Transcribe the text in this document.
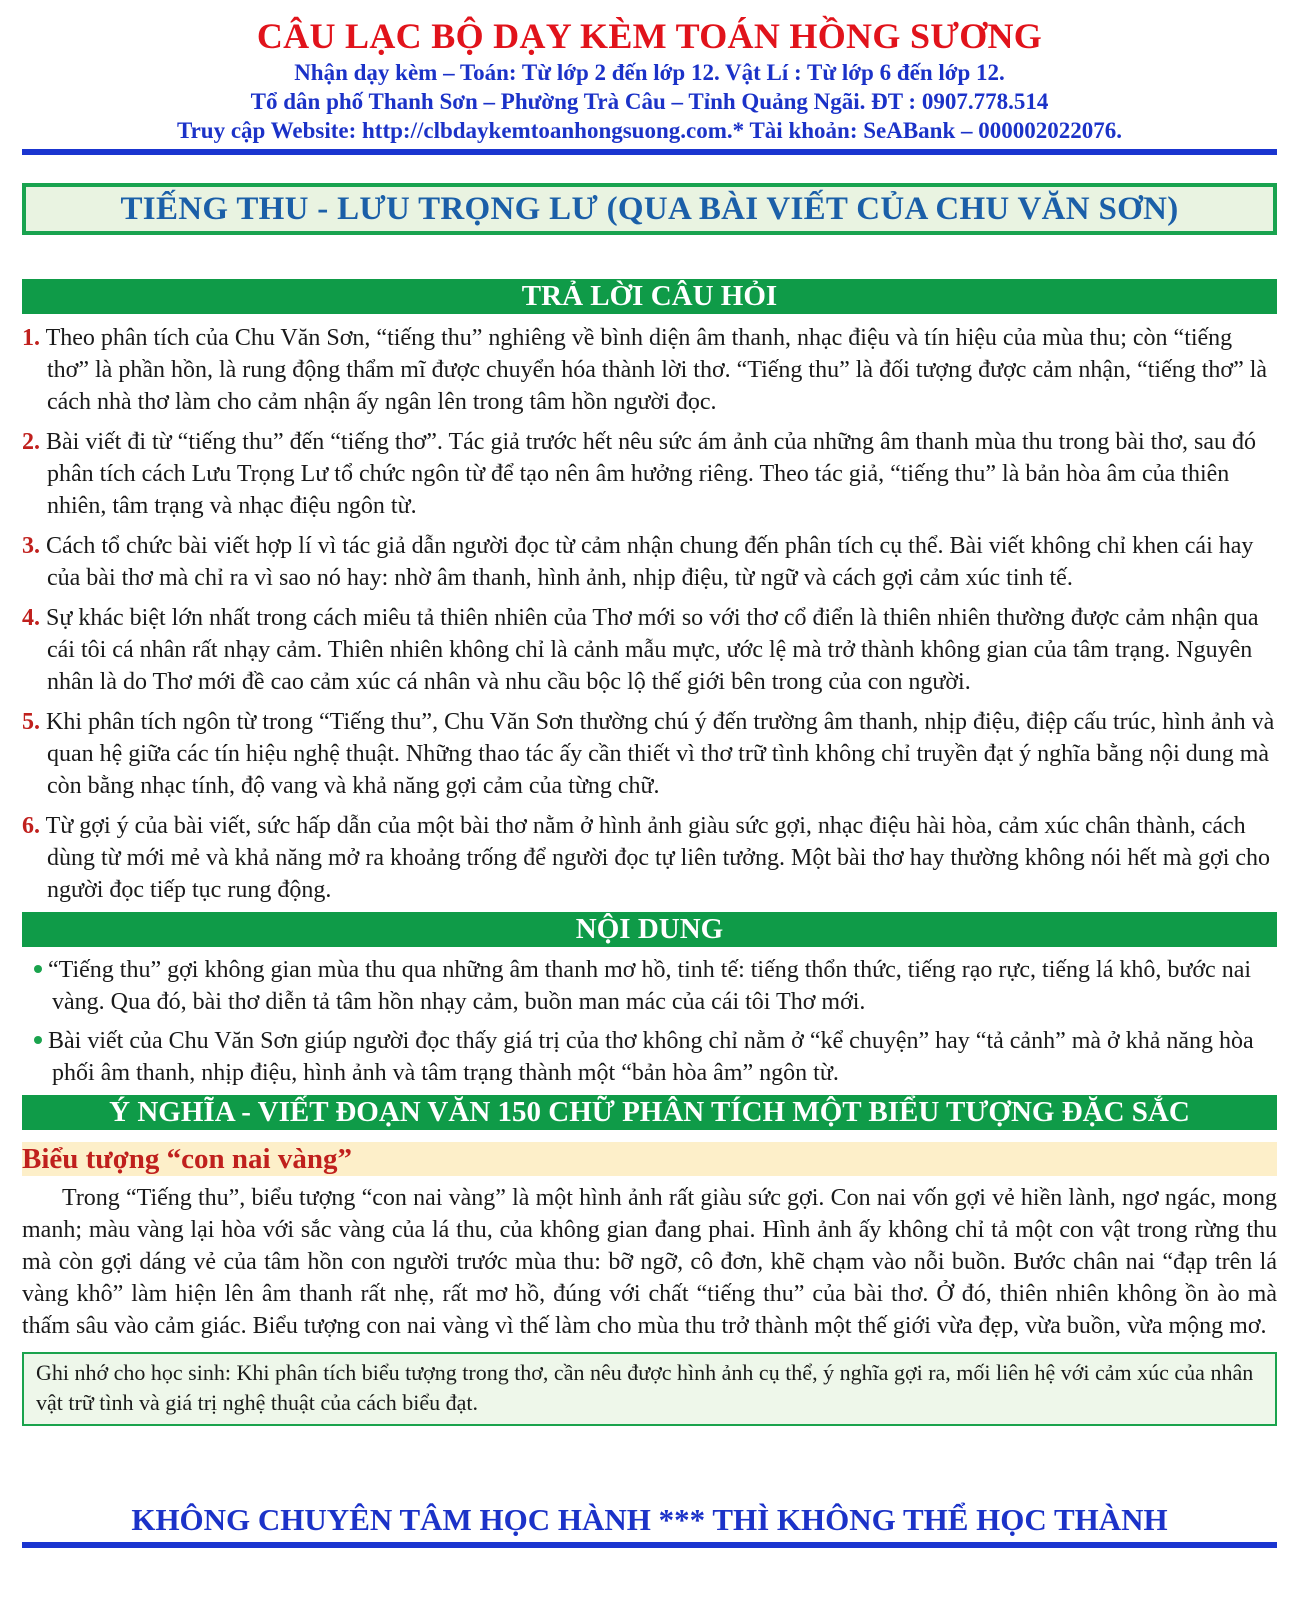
CÂU LẠC BỘ DẠY KÈM TOÁN HỒNG SƯƠNG
Nhận dạy kèm – Toán: Từ lớp 2 đến lớp 12. Vật Lí : Từ lớp 6 đến lớp 12.
Tổ dân phố Thanh Sơn – Phường Trà Câu – Tỉnh Quảng Ngãi. ĐT : 0907.778.514
Truy cập Website: http://clbdaykemtoanhongsuong.com.* Tài khoản: SeABank – 000002022076.
TIẾNG THU - LƯU TRỌNG LƯ (QUA BÀI VIẾT CỦA CHU VĂN SƠN)
TRẢ LỜI CÂU HỎI
1. Theo phân tích của Chu Văn Sơn, “tiếng thu” nghiêng về bình diện âm thanh, nhạc điệu và tín hiệu của mùa thu; còn “tiếng thơ” là phần hồn, là rung động thẩm mĩ được chuyển hóa thành lời thơ. “Tiếng thu” là đối tượng được cảm nhận, “tiếng thơ” là cách nhà thơ làm cho cảm nhận ấy ngân lên trong tâm hồn người đọc.
2. Bài viết đi từ “tiếng thu” đến “tiếng thơ”. Tác giả trước hết nêu sức ám ảnh của những âm thanh mùa thu trong bài thơ, sau đó phân tích cách Lưu Trọng Lư tổ chức ngôn từ để tạo nên âm hưởng riêng. Theo tác giả, “tiếng thu” là bản hòa âm của thiên nhiên, tâm trạng và nhạc điệu ngôn từ.
3. Cách tổ chức bài viết hợp lí vì tác giả dẫn người đọc từ cảm nhận chung đến phân tích cụ thể. Bài viết không chỉ khen cái hay của bài thơ mà chỉ ra vì sao nó hay: nhờ âm thanh, hình ảnh, nhịp điệu, từ ngữ và cách gợi cảm xúc tinh tế.
4. Sự khác biệt lớn nhất trong cách miêu tả thiên nhiên của Thơ mới so với thơ cổ điển là thiên nhiên thường được cảm nhận qua cái tôi cá nhân rất nhạy cảm. Thiên nhiên không chỉ là cảnh mẫu mực, ước lệ mà trở thành không gian của tâm trạng. Nguyên nhân là do Thơ mới đề cao cảm xúc cá nhân và nhu cầu bộc lộ thế giới bên trong của con người.
5. Khi phân tích ngôn từ trong “Tiếng thu”, Chu Văn Sơn thường chú ý đến trường âm thanh, nhịp điệu, điệp cấu trúc, hình ảnh và quan hệ giữa các tín hiệu nghệ thuật. Những thao tác ấy cần thiết vì thơ trữ tình không chỉ truyền đạt ý nghĩa bằng nội dung mà còn bằng nhạc tính, độ vang và khả năng gợi cảm của từng chữ.
6. Từ gợi ý của bài viết, sức hấp dẫn của một bài thơ nằm ở hình ảnh giàu sức gợi, nhạc điệu hài hòa, cảm xúc chân thành, cách dùng từ mới mẻ và khả năng mở ra khoảng trống để người đọc tự liên tưởng. Một bài thơ hay thường không nói hết mà gợi cho người đọc tiếp tục rung động.
NỘI DUNG
“Tiếng thu” gợi không gian mùa thu qua những âm thanh mơ hồ, tinh tế: tiếng thổn thức, tiếng rạo rực, tiếng lá khô, bước nai vàng. Qua đó, bài thơ diễn tả tâm hồn nhạy cảm, buồn man mác của cái tôi Thơ mới.
Bài viết của Chu Văn Sơn giúp người đọc thấy giá trị của thơ không chỉ nằm ở “kể chuyện” hay “tả cảnh” mà ở khả năng hòa phối âm thanh, nhịp điệu, hình ảnh và tâm trạng thành một “bản hòa âm” ngôn từ.
Ý NGHĨA - VIẾT ĐOẠN VĂN 150 CHỮ PHÂN TÍCH MỘT BIỂU TƯỢNG ĐẶC SẮC
Biểu tượng “con nai vàng”
Trong “Tiếng thu”, biểu tượng “con nai vàng” là một hình ảnh rất giàu sức gợi. Con nai vốn gợi vẻ hiền lành, ngơ ngác, mong manh; màu vàng lại hòa với sắc vàng của lá thu, của không gian đang phai. Hình ảnh ấy không chỉ tả một con vật trong rừng thu mà còn gợi dáng vẻ của tâm hồn con người trước mùa thu: bỡ ngỡ, cô đơn, khẽ chạm vào nỗi buồn. Bước chân nai “đạp trên lá vàng khô” làm hiện lên âm thanh rất nhẹ, rất mơ hồ, đúng với chất “tiếng thu” của bài thơ. Ở đó, thiên nhiên không ồn ào mà thấm sâu vào cảm giác. Biểu tượng con nai vàng vì thế làm cho mùa thu trở thành một thế giới vừa đẹp, vừa buồn, vừa mộng mơ.
Ghi nhớ cho học sinh: Khi phân tích biểu tượng trong thơ, cần nêu được hình ảnh cụ thể, ý nghĩa gợi ra, mối liên hệ với cảm xúc của nhân vật trữ tình và giá trị nghệ thuật của cách biểu đạt.
KHÔNG CHUYÊN TÂM HỌC HÀNH *** THÌ KHÔNG THỂ HỌC THÀNH
